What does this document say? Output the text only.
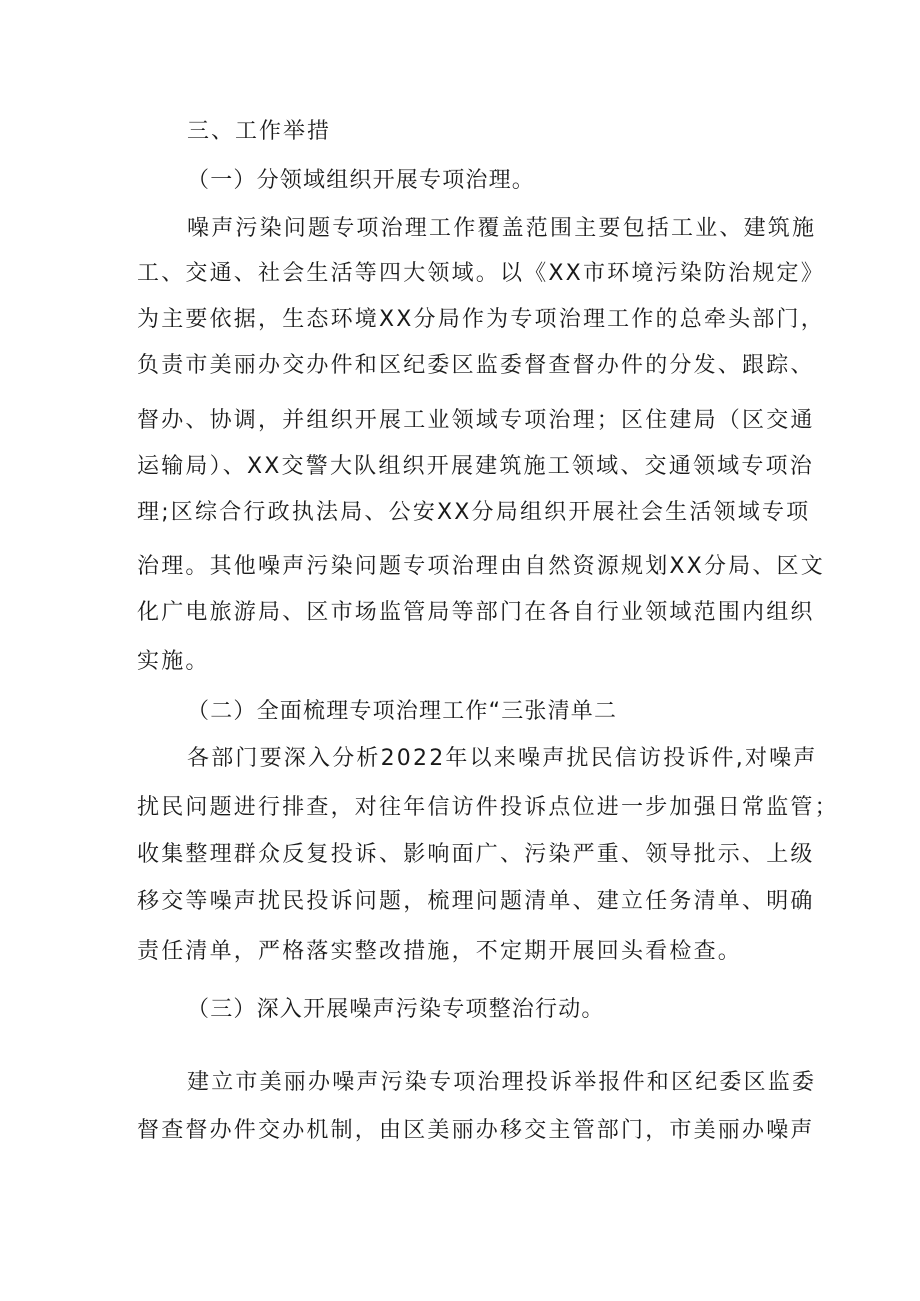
三、工作举措
（一）分领域组织开展专项治理。
噪声污染问题专项治理工作覆盖范围主要包括工业、建筑施
工、交通、社会生活等四大领域。以《XX市环境污染防治规定》
为主要依据，生态环境XX分局作为专项治理工作的总牵头部门，
负责市美丽办交办件和区纪委区监委督查督办件的分发、跟踪、
督办、协调，并组织开展工业领域专项治理；区住建局（区交通
运输局）、XX交警大队组织开展建筑施工领域、交通领域专项治
理;区综合行政执法局、公安XX分局组织开展社会生活领域专项
治理。其他噪声污染问题专项治理由自然资源规划XX分局、区文
化广电旅游局、区市场监管局等部门在各自行业领域范围内组织
实施。
（二）全面梳理专项治理工作“三张清单二
各部门要深入分析2022年以来噪声扰民信访投诉件,对噪声
扰民问题进行排查，对往年信访件投诉点位进一步加强日常监管；
收集整理群众反复投诉、影响面广、污染严重、领导批示、上级
移交等噪声扰民投诉问题，梳理问题清单、建立任务清单、明确
责任清单，严格落实整改措施，不定期开展回头看检查。
（三）深入开展噪声污染专项整治行动。
建立市美丽办噪声污染专项治理投诉举报件和区纪委区监委
督查督办件交办机制，由区美丽办移交主管部门，市美丽办噪声
